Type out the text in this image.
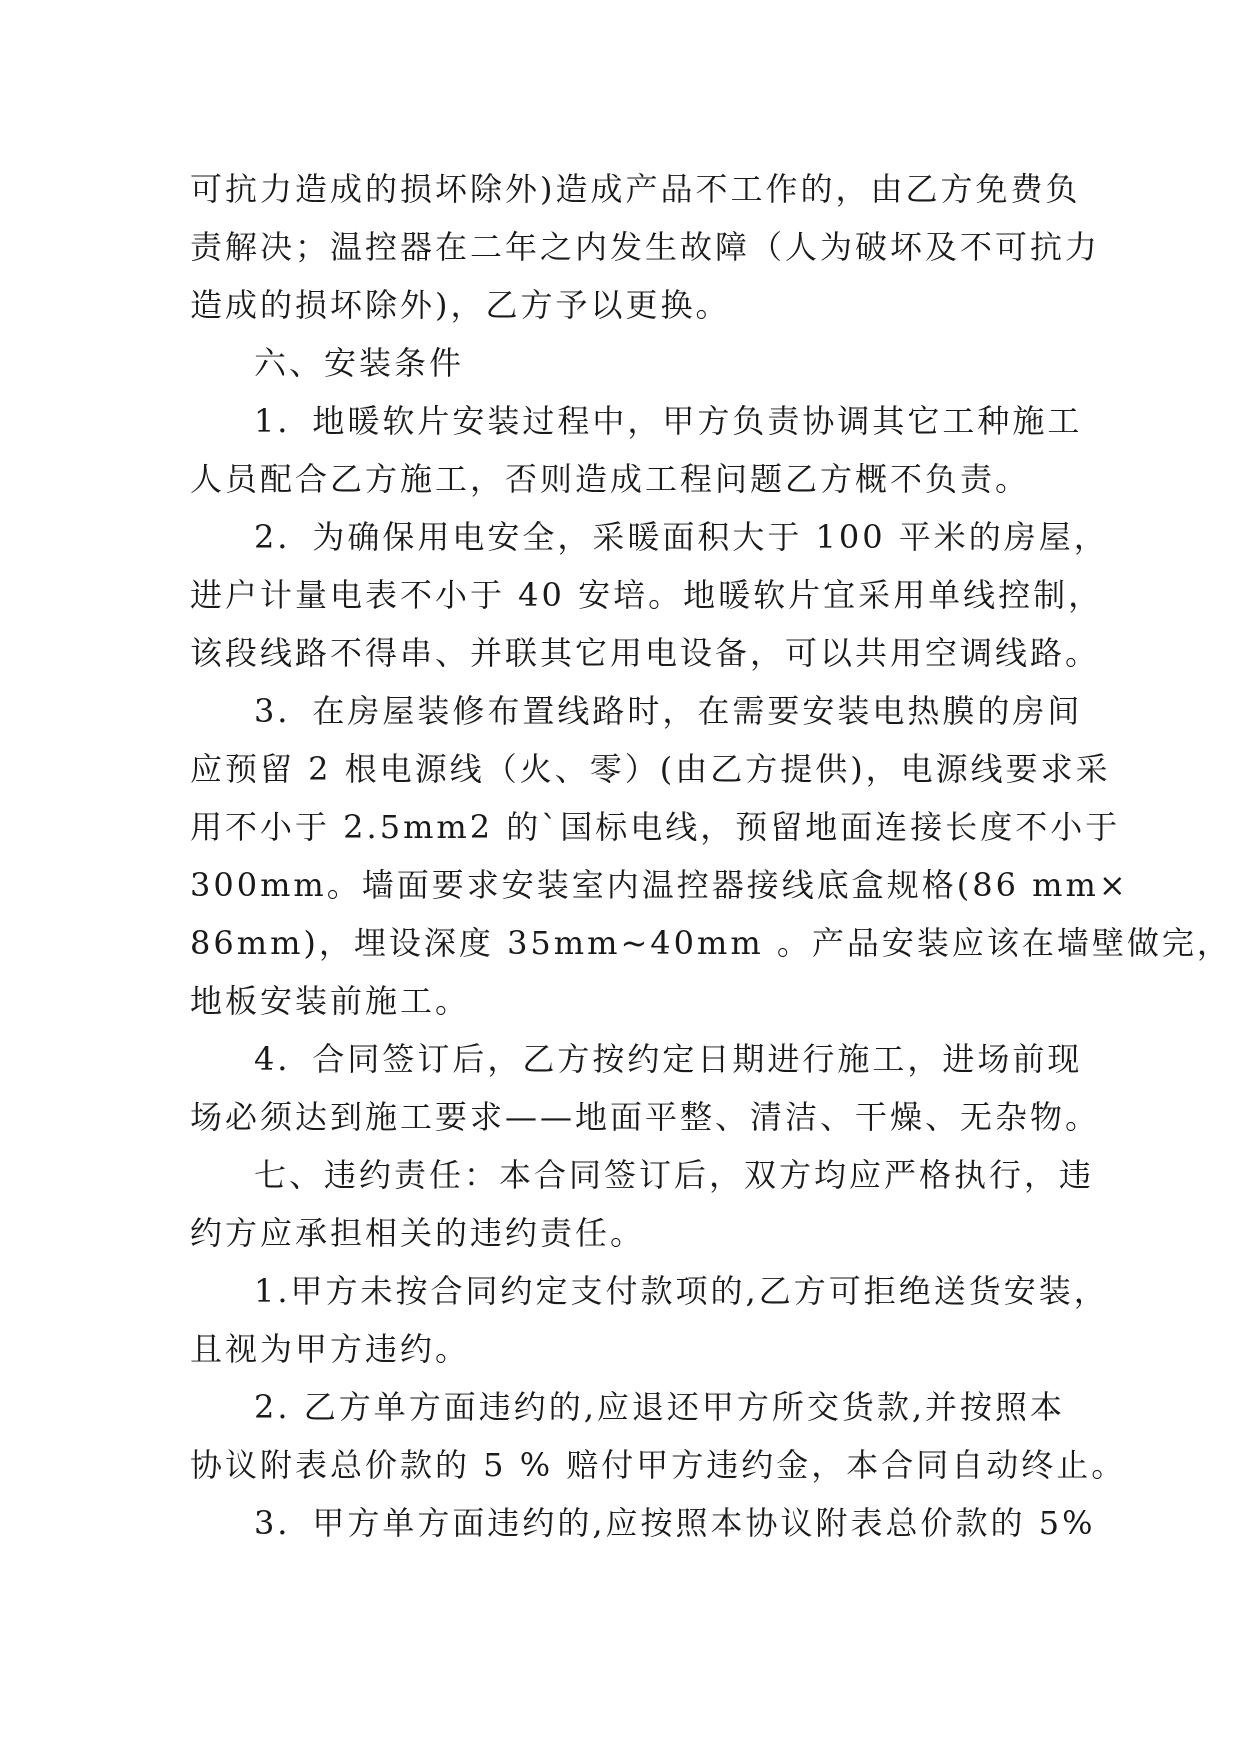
可抗力造成的损坏除外)造成产品不工作的，由乙方免费负
责解决；温控器在二年之内发生故障（人为破坏及不可抗力
造成的损坏除外)，乙方予以更换。
六、安装条件
1．地暖软片安装过程中，甲方负责协调其它工种施工
人员配合乙方施工，否则造成工程问题乙方概不负责。
2．为确保用电安全，采暖面积大于 100 平米的房屋，
进户计量电表不小于 40 安培。地暖软片宜采用单线控制，
该段线路不得串、并联其它用电设备，可以共用空调线路。
3．在房屋装修布置线路时，在需要安装电热膜的房间
应预留 2 根电源线（火、零）(由乙方提供)，电源线要求采
用不小于 2.5mm2 的`国标电线，预留地面连接长度不小于
300mm。墙面要求安装室内温控器接线底盒规格(86 mm×
86mm)，埋设深度 35mm~40mm 。产品安装应该在墙壁做完，
地板安装前施工。
4．合同签订后，乙方按约定日期进行施工，进场前现
场必须达到施工要求——地面平整、清洁、干燥、无杂物。
七、违约责任：本合同签订后，双方均应严格执行，违
约方应承担相关的违约责任。
1.甲方未按合同约定支付款项的,乙方可拒绝送货安装，
且视为甲方违约。
2. 乙方单方面违约的,应退还甲方所交货款,并按照本
协议附表总价款的 5 % 赔付甲方违约金，本合同自动终止。
3．甲方单方面违约的,应按照本协议附表总价款的 5%
